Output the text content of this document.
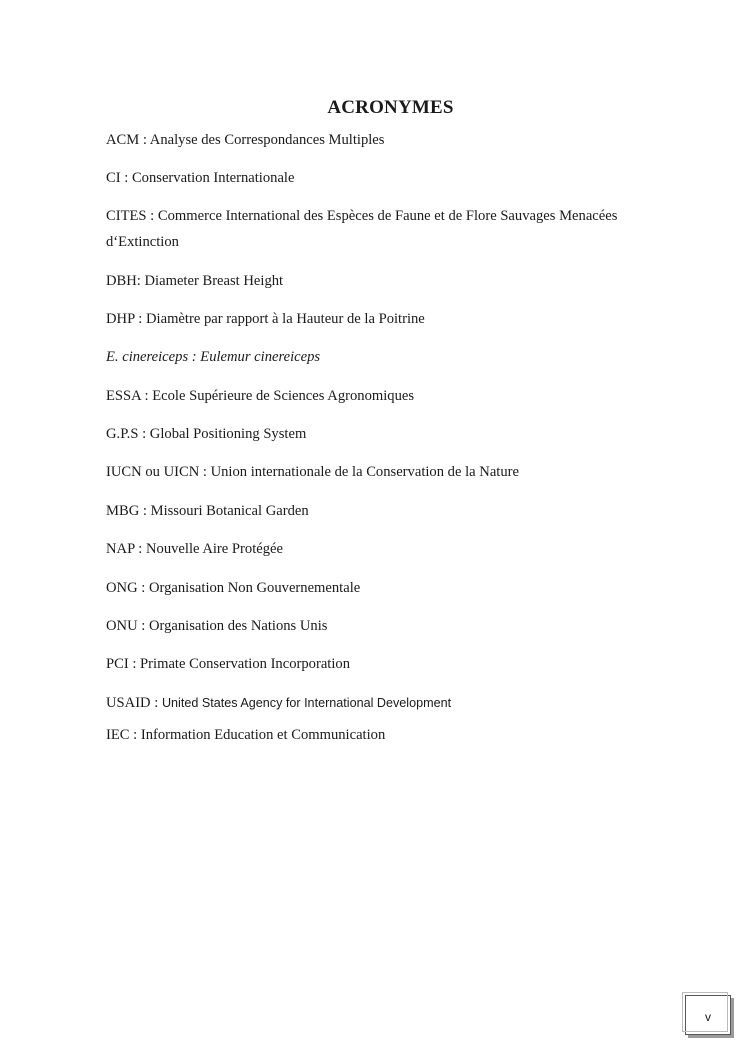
ACRONYMES
ACM : Analyse des Correspondances Multiples
CI : Conservation Internationale
CITES : Commerce International des Espèces de Faune et de Flore Sauvages Menacées d‘Extinction
DBH: Diameter Breast Height
DHP : Diamètre par rapport à la Hauteur de la Poitrine
E. cinereiceps : Eulemur cinereiceps
ESSA : Ecole Supérieure de Sciences Agronomiques
G.P.S : Global Positioning System
IUCN ou UICN : Union internationale de la Conservation de la Nature
MBG : Missouri Botanical Garden
NAP : Nouvelle Aire Protégée
ONG : Organisation Non Gouvernementale
ONU : Organisation des Nations Unis
PCI : Primate Conservation Incorporation
USAID : United States Agency for International Development
IEC : Information Education et Communication
v
